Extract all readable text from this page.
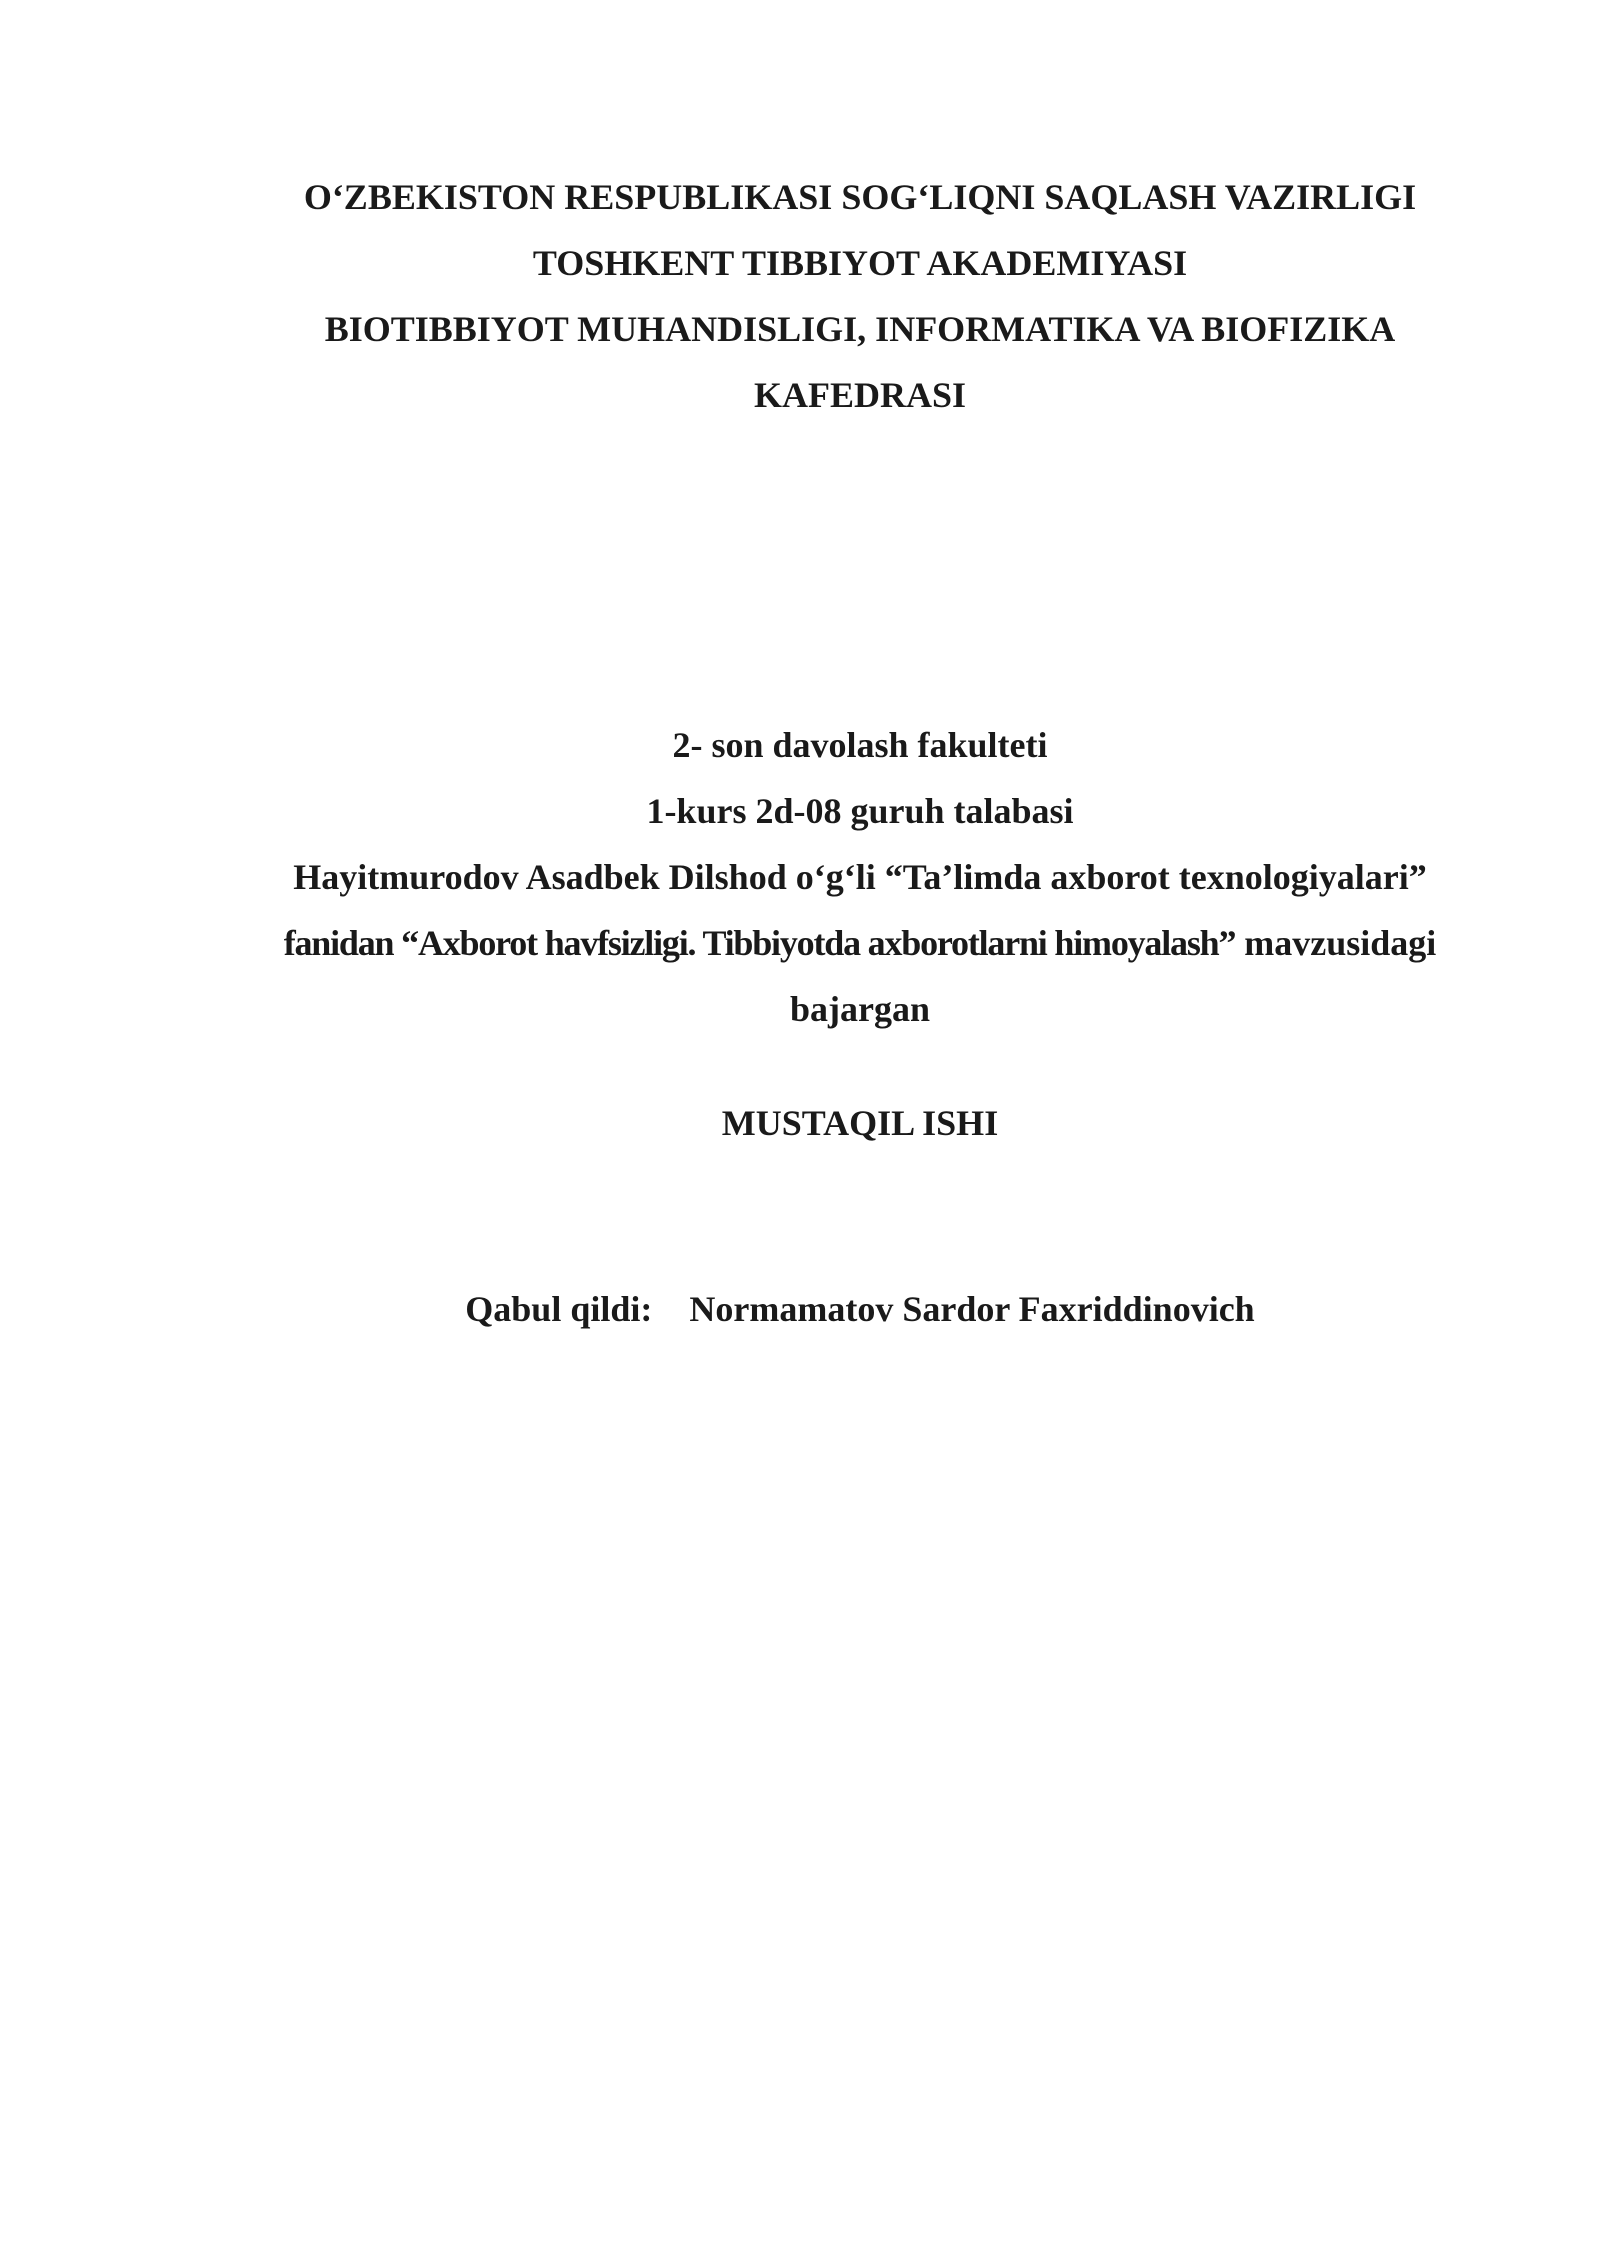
O‘ZBEKISTON RESPUBLIKASI SOG‘LIQNI SAQLASH VAZIRLIGI
TOSHKENT TIBBIYOT AKADEMIYASI
BIOTIBBIYOT MUHANDISLIGI, INFORMATIKA VA BIOFIZIKA
KAFEDRASI
2- son davolash fakulteti
1-kurs 2d-08 guruh talabasi
Hayitmurodov Asadbek Dilshod o‘g‘li “Ta’limda axborot texnologiyalari”
fanidan “Axborot havfsizligi. Tibbiyotda axborotlarni himoyalash” mavzusidagi
bajargan
MUSTAQIL ISHI
Qabul qildi: Normamatov Sardor Faxriddinovich
